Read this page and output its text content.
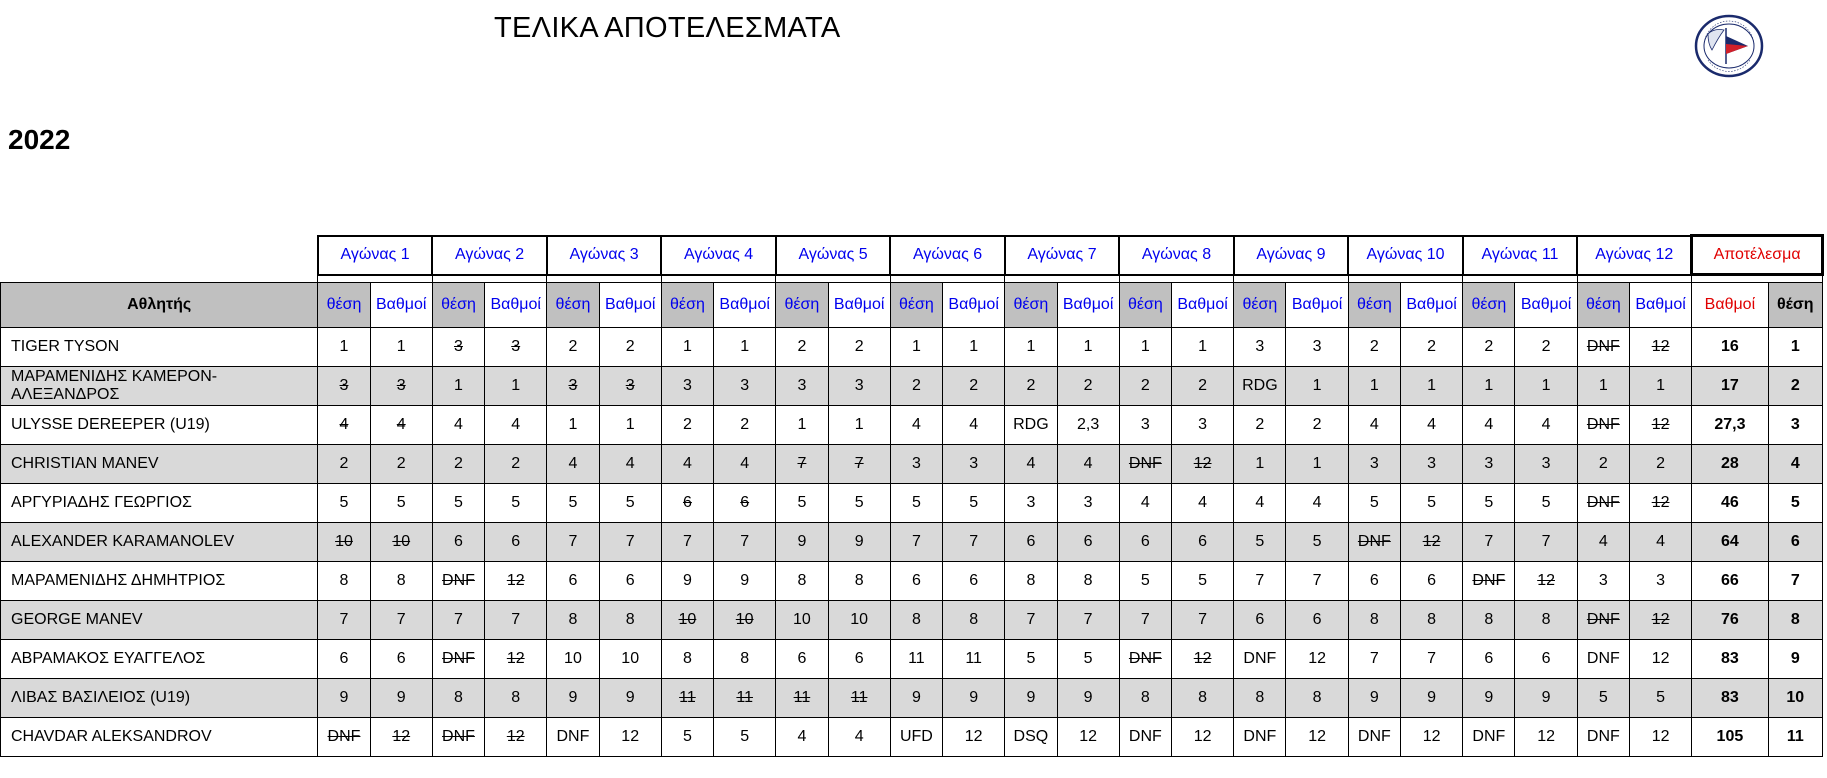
ΤΕΛΙΚΑ ΑΠΟΤΕΛΕΣΜΑΤΑ
2022
	Αγώνας 1		Αγώνας 2		Αγώνας 3		Αγώνας 4		Αγώνας 5		Αγώνας 6		Αγώνας 7		Αγώνας 8		Αγώνας 9		Αγώνας 10		Αγώνας 11		Αγώνας 12		Αποτέλεσμα	

Αθλητής	θέση	Βαθμοί	θέση	Βαθμοί	θέση	Βαθμοί	θέση	Βαθμοί	θέση	Βαθμοί	θέση	Βαθμοί	θέση	Βαθμοί	θέση	Βαθμοί	θέση	Βαθμοί	θέση	Βαθμοί	θέση	Βαθμοί	θέση	Βαθμοί	Βαθμοί	θέση
TIGER TYSON	1	1	3	3	2	2	1	1	2	2	1	1	1	1	1	1	3	3	2	2	2	2	DNF	12	16	1
ΜΑΡΑΜΕΝΙΔΗΣ ΚΑΜΕΡΟΝ-ΑΛΕΞΑΝΔΡΟΣ	3	3	1	1	3	3	3	3	3	3	2	2	2	2	2	2	RDG	1	1	1	1	1	1	1	17	2
ULYSSE DEREEPER (U19)	4	4	4	4	1	1	2	2	1	1	4	4	RDG	2,3	3	3	2	2	4	4	4	4	DNF	12	27,3	3
CHRISTIAN MANEV	2	2	2	2	4	4	4	4	7	7	3	3	4	4	DNF	12	1	1	3	3	3	3	2	2	28	4
ΑΡΓΥΡΙΑΔΗΣ ΓΕΩΡΓΙΟΣ	5	5	5	5	5	5	6	6	5	5	5	5	3	3	4	4	4	4	5	5	5	5	DNF	12	46	5
ALEXANDER KARAMANOLEV	10	10	6	6	7	7	7	7	9	9	7	7	6	6	6	6	5	5	DNF	12	7	7	4	4	64	6
ΜΑΡΑΜΕΝΙΔΗΣ ΔΗΜΗΤΡΙΟΣ	8	8	DNF	12	6	6	9	9	8	8	6	6	8	8	5	5	7	7	6	6	DNF	12	3	3	66	7
GEORGE MANEV	7	7	7	7	8	8	10	10	10	10	8	8	7	7	7	7	6	6	8	8	8	8	DNF	12	76	8
ΑΒΡΑΜΑΚΟΣ ΕΥΑΓΓΕΛΟΣ	6	6	DNF	12	10	10	8	8	6	6	11	11	5	5	DNF	12	DNF	12	7	7	6	6	DNF	12	83	9
ΛΙΒΑΣ ΒΑΣΙΛΕΙΟΣ (U19)	9	9	8	8	9	9	11	11	11	11	9	9	9	9	8	8	8	8	9	9	9	9	5	5	83	10
CHAVDAR ALEKSANDROV	DNF	12	DNF	12	DNF	12	5	5	4	4	UFD	12	DSQ	12	DNF	12	DNF	12	DNF	12	DNF	12	DNF	12	105	11
